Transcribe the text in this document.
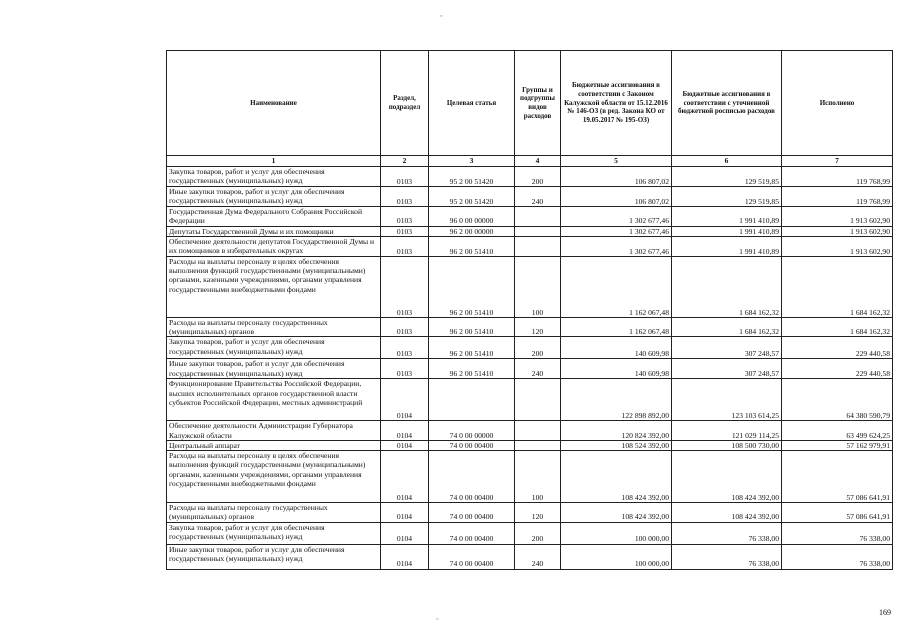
ˇ
Наименование	Раздел, подраздел	Целевая статья	Группы и подгруппы видов расходов	Бюджетные ассигнования в соответствии с Законом Калужской области от 15.12.2016 № 146-ОЗ (в ред. Закона КО от 19.05.2017 № 195-ОЗ)	Бюджетные ассигнования в соответствии с уточненной бюджетной росписью расходов	Исполнено
1	2	3	4	5	6	7
Закупка товаров, работ и услуг для обеспечения государственных (муниципальных) нужд	0103	95 2 00 51420	200	106 807,02	129 519,85	119 768,99
Иные закупки товаров, работ и услуг для обеспечения государственных (муниципальных) нужд	0103	95 2 00 51420	240	106 807,02	129 519,85	119 768,99
Государственная Дума Федерального Собрания Российской Федерации	0103	96 0 00 00000		1 302 677,46	1 991 410,89	1 913 602,90
Депутаты Государственной Думы и их помощники	0103	96 2 00 00000		1 302 677,46	1 991 410,89	1 913 602,90
Обеспечение деятельности депутатов Государственной Думы и их помощников в избирательных округах	0103	96 2 00 51410		1 302 677,46	1 991 410,89	1 913 602,90
Расходы на выплаты персоналу в целях обеспечения выполнения функций государственными (муниципальными) органами, казенными учреждениями, органами управления государственными внебюджетными фондами	0103	96 2 00 51410	100	1 162 067,48	1 684 162,32	1 684 162,32
Расходы на выплаты персоналу государственных (муниципальных) органов	0103	96 2 00 51410	120	1 162 067,48	1 684 162,32	1 684 162,32
Закупка товаров, работ и услуг для обеспечения государственных (муниципальных) нужд	0103	96 2 00 51410	200	140 609,98	307 248,57	229 440,58
Иные закупки товаров, работ и услуг для обеспечения государственных (муниципальных) нужд	0103	96 2 00 51410	240	140 609,98	307 248,57	229 440,58
Функционирование Правительства Российской Федерации, высших исполнительных органов государственной власти субъектов Российской Федерации, местных администраций	0104			122 898 892,00	123 103 614,25	64 380 590,79
Обеспечение деятельности Администрации Губернатора Калужской области	0104	74 0 00 00000		120 824 392,00	121 029 114,25	63 499 624,25
Центральный аппарат	0104	74 0 00 00400		108 524 392,00	108 500 730,00	57 162 979,91
Расходы на выплаты персоналу в целях обеспечения выполнения функций государственными (муниципальными) органами, казенными учреждениями, органами управления государственными внебюджетными фондами	0104	74 0 00 00400	100	108 424 392,00	108 424 392,00	57 086 641,91
Расходы на выплаты персоналу государственных (муниципальных) органов	0104	74 0 00 00400	120	108 424 392,00	108 424 392,00	57 086 641,91
Закупка товаров, работ и услуг для обеспечения государственных (муниципальных) нужд	0104	74 0 00 00400	200	100 000,00	76 338,00	76 338,00
Иные закупки товаров, работ и услуг для обеспечения государственных (муниципальных) нужд	0104	74 0 00 00400	240	100 000,00	76 338,00	76 338,00
ˇ
169
